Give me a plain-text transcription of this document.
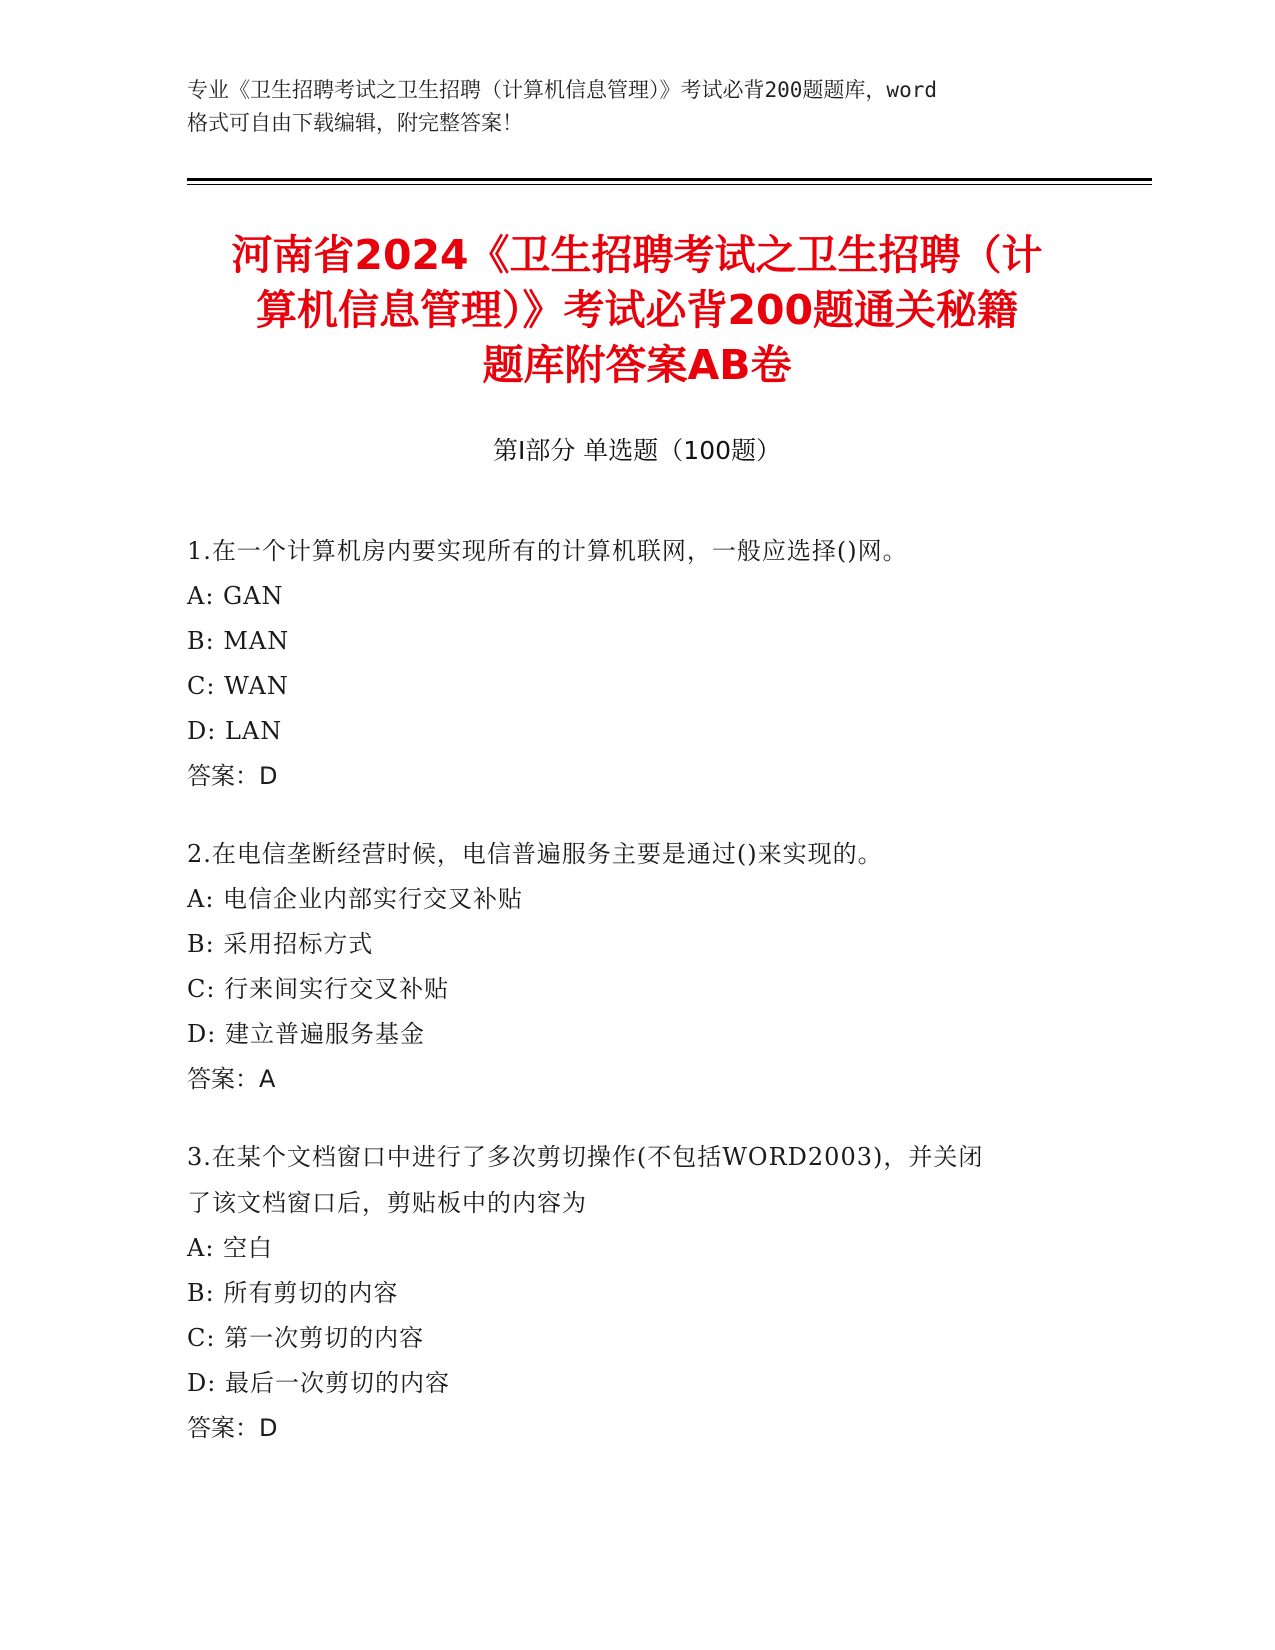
专业《卫生招聘考试之卫生招聘（计算机信息管理）》考试必背200题题库，word
格式可自由下载编辑，附完整答案！
河南省2024《卫生招聘考试之卫生招聘（计
算机信息管理）》考试必背200题通关秘籍
题库附答案AB卷
第Ⅰ部分 单选题（100题）

1.在一个计算机房内要实现所有的计算机联网，一般应选择()网。

A: GAN

B: MAN

C: WAN

D: LAN

答案：D

2.在电信垄断经营时候，电信普遍服务主要是通过()来实现的。

A: 电信企业内部实行交叉补贴

B: 采用招标方式

C: 行来间实行交叉补贴

D: 建立普遍服务基金

答案：A

3.在某个文档窗口中进行了多次剪切操作(不包括WORD2003)，并关闭

了该文档窗口后，剪贴板中的内容为

A: 空白

B: 所有剪切的内容

C: 第一次剪切的内容

D: 最后一次剪切的内容

答案：D
